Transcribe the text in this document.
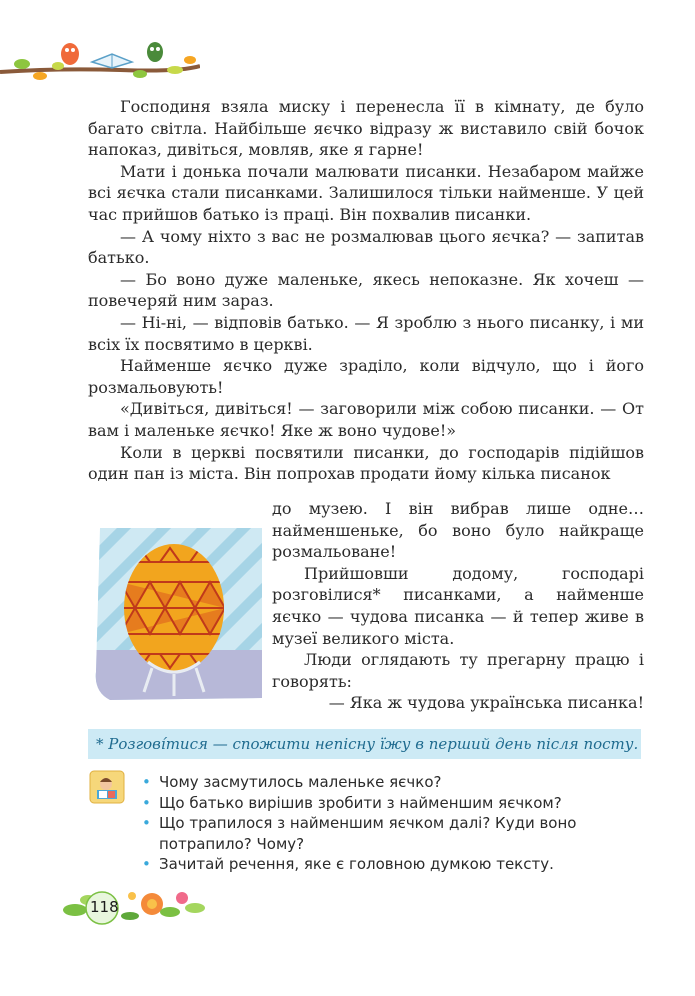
Господиня взяла миску і перенесла її в кімнату, де було багато світла. Найбільше яєчко відразу ж виставило свій бочок напоказ, дивіться, мовляв, яке я гарне!

Мати і донька почали малювати писанки. Незабаром майже всі яєчка стали писанками. Залишилося тільки найменше. У цей час прийшов батько із праці. Він похвалив писанки.

— А чому ніхто з вас не розмалював цього яєчка? — запитав батько.

— Бо воно дуже маленьке, якесь непоказне. Як хочеш — повечеряй ним зараз.

— Ні-ні, — відповів батько. — Я зроблю з нього писанку, і ми всіх їх посвятимо в церкві.

Найменше яєчко дуже зраділо, коли відчуло, що і його розмальовують!

«Дивіться, дивіться! — заговорили між собою писанки. — От вам і маленьке яєчко! Яке ж воно чудове!»

Коли в церкві посвятили писанки, до господарів підійшов один пан із міста. Він попрохав продати йому кілька писанок

до музею. І він вибрав лише одне… найменшеньке, бо воно було найкраще розмальоване!

Прийшовши додому, господарі розговілися* писанками, а найменше яєчко — чудова писанка — й тепер живе в музеї великого міста.

Люди оглядають ту прегарну працю і говорять:

— Яка ж чудова українська писанка!

* Розговíтися — спожити непісну їжу в перший день після посту.
• Чому засмутилось маленьке яєчко?
• Що батько вирішив зробити з найменшим яєчком?
• Що трапилося з найменшим яєчком далі? Куди воно потрапило? Чому?
• Зачитай речення, яке є головною думкою тексту.
118
